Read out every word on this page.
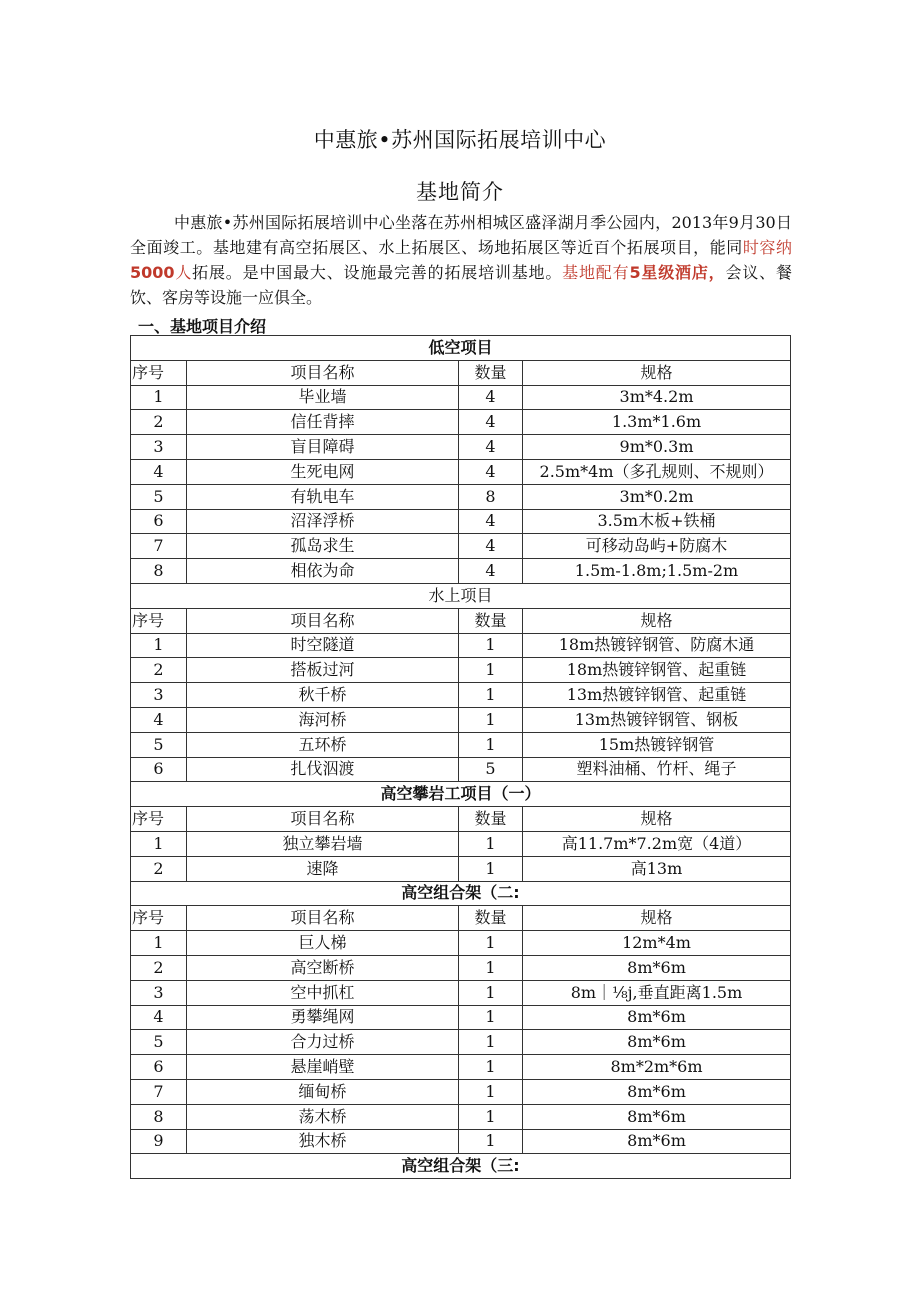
中惠旅•苏州国际拓展培训中心
基地简介
中惠旅•苏州国际拓展培训中心坐落在苏州相城区盛泽湖月季公园内，2013年9月30日全面竣工。基地建有高空拓展区、水上拓展区、场地拓展区等近百个拓展项目，能同时容纳5000人拓展。是中国最大、设施最完善的拓展培训基地。基地配有5星级酒店，会议、餐饮、客房等设施一应俱全。
一、基地项目介绍
低空项目			
序号	项目名称	数量	规格
1	毕业墙	4	3m*4.2m
2	信任背摔	4	1.3m*1.6m
3	盲目障碍	4	9m*0.3m
4	生死电网	4	2.5m*4m（多孔规则、不规则）
5	有轨电车	8	3m*0.2m
6	沼泽浮桥	4	3.5m木板+铁桶
7	孤岛求生	4	可移动岛屿+防腐木
8	相依为命	4	1.5m-1.8m;1.5m-2m
水上项目			
序号	项目名称	数量	规格
1	时空隧道	1	18m热镀锌钢管、防腐木通
2	搭板过河	1	18m热镀锌钢管、起重链
3	秋千桥	1	13m热镀锌钢管、起重链
4	海河桥	1	13m热镀锌钢管、钢板
5	五环桥	1	15m热镀锌钢管
6	扎伐泅渡	5	塑料油桶、竹杆、绳子
高空攀岩工项目（一）			
序号	项目名称	数量	规格
1	独立攀岩墙	1	高11.7m*7.2m宽（4道）
2	速降	1	高13m
高空组合架（二:			
序号	项目名称	数量	规格
1	巨人梯	1	12m*4m
2	高空断桥	1	8m*6m
3	空中抓杠	1	8m｜⅛j,垂直距离1.5m
4	勇攀绳网	1	8m*6m
5	合力过桥	1	8m*6m
6	悬崖峭壁	1	8m*2m*6m
7	缅甸桥	1	8m*6m
8	荡木桥	1	8m*6m
9	独木桥	1	8m*6m
高空组合架（三:			
